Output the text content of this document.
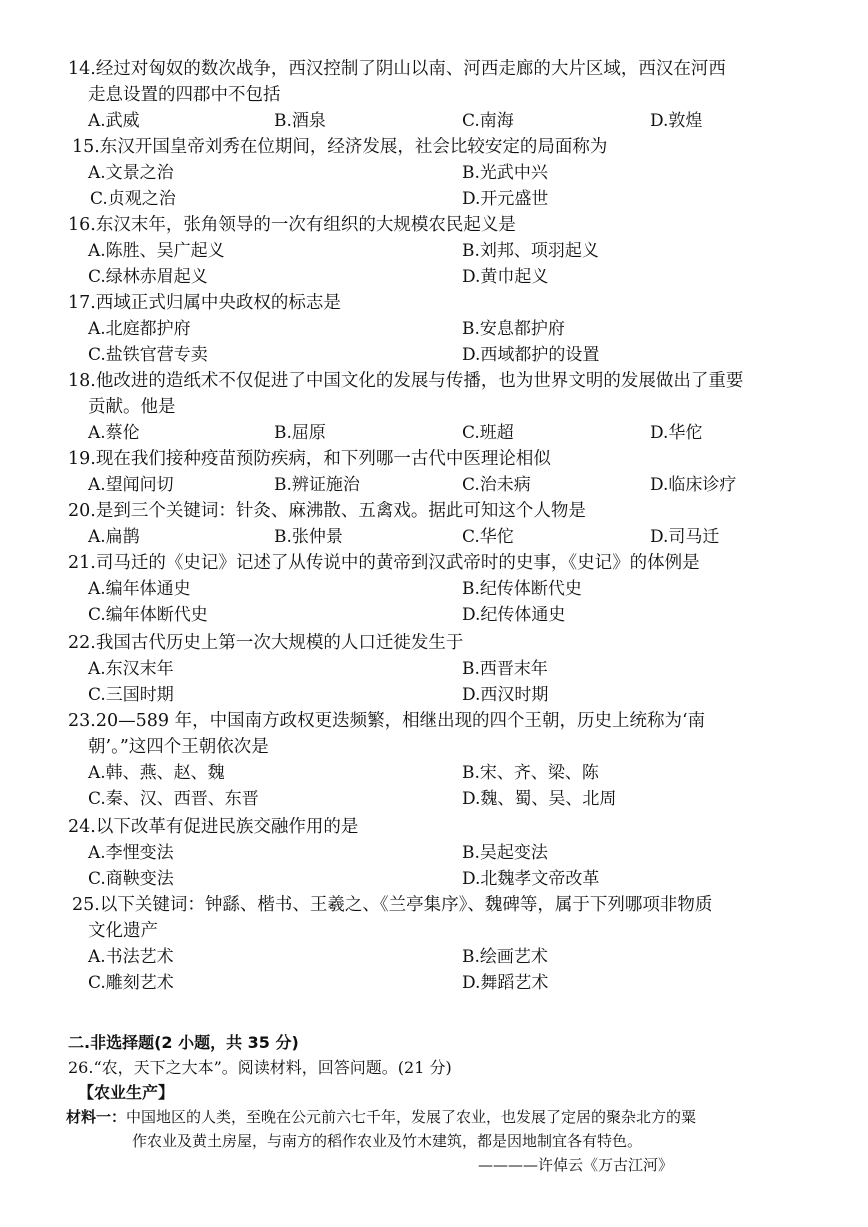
14.经过对匈奴的数次战争，西汉控制了阴山以南、河西走廊的大片区域，西汉在河西
走息设置的四郡中不包括
A.武威	B.酒泉	C.南海	D.敦煌
15.东汉开国皇帝刘秀在位期间，经济发展，社会比较安定的局面称为
A.文景之治	B.光武中兴
C.贞观之治	D.开元盛世
16.东汉末年，张角领导的一次有组织的大规模农民起义是
A.陈胜、吴广起义	B.刘邦、项羽起义
C.绿林赤眉起义	D.黄巾起义
17.西域正式归属中央政权的标志是
A.北庭都护府	B.安息都护府
C.盐铁官营专卖	D.西域都护的设置
18.他改进的造纸术不仅促进了中国文化的发展与传播，也为世界文明的发展做出了重要
贡献。他是
A.蔡伦	B.屈原	C.班超	D.华佗
19.现在我们接种疫苗预防疾病，和下列哪一古代中医理论相似
A.望闻问切	B.辨证施治	C.治未病	D.临床诊疗
20.是到三个关键词：针灸、麻沸散、五禽戏。据此可知这个人物是
A.扁鹊	B.张仲景	C.华佗	D.司马迁
21.司马迁的《史记》记述了从传说中的黄帝到汉武帝时的史事，《史记》的体例是
A.编年体通史	B.纪传体断代史
C.编年体断代史	D.纪传体通史
22.我国古代历史上第一次大规模的人口迁徙发生于
A.东汉末年	B.西晋末年
C.三国时期	D.西汉时期
23.20—589 年，中国南方政权更迭频繁，相继出现的四个王朝，历史上统称为‘南
朝’。”这四个王朝依次是
A.韩、燕、赵、魏	B.宋、齐、梁、陈
C.秦、汉、西晋、东晋	D.魏、蜀、吴、北周
24.以下改革有促进民族交融作用的是
A.李悝变法	B.吴起变法
C.商鞅变法	D.北魏孝文帝改革
25.以下关键词：钟繇、楷书、王羲之、《兰亭集序》、魏碑等，属于下列哪项非物质
文化遗产
A.书法艺术	B.绘画艺术
C.雕刻艺术	D.舞蹈艺术
二.非选择题(2 小题，共 35 分)
26.“农，天下之大本”。阅读材料，回答问题。(21 分)
【农业生产】
材料一：中国地区的人类，至晚在公元前六七千年，发展了农业，也发展了定居的聚杂北方的粟
作农业及黄土房屋，与南方的稻作农业及竹木建筑，都是因地制宜各有特色。
————许倬云《万古江河》
